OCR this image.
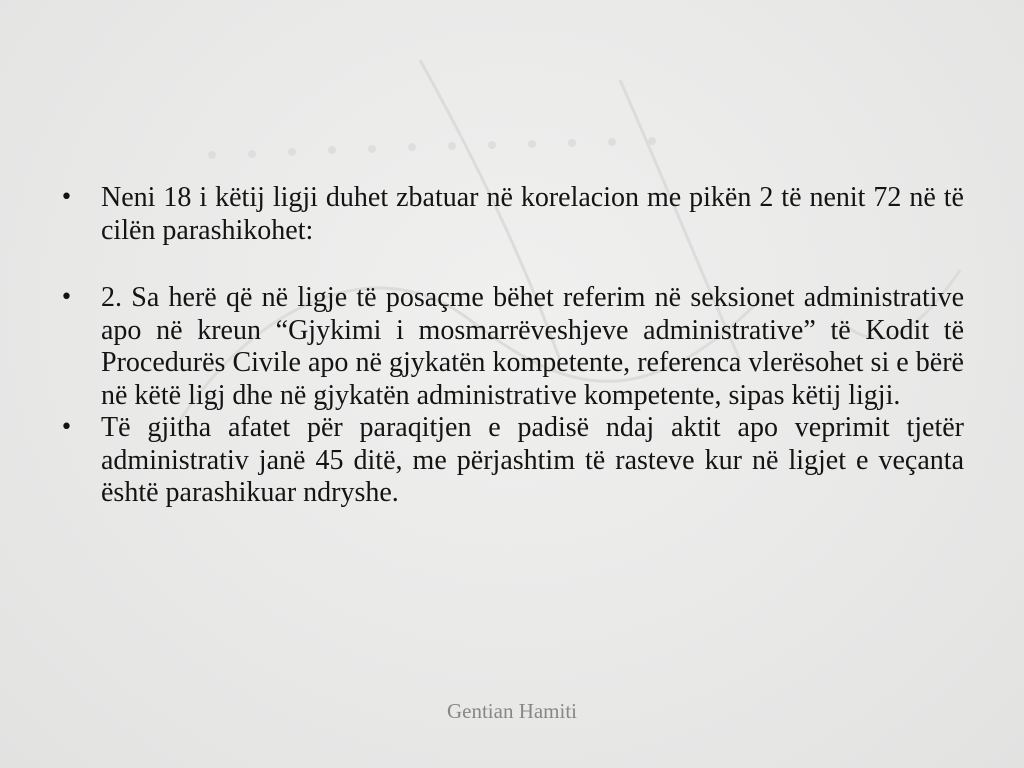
• Neni 18 i këtij ligji duhet zbatuar në korelacion me pikën 2 të nenit 72 në të cilën parashikohet:
• 2. Sa herë që në ligje të posaçme bëhet referim në seksionet administrative apo në kreun “Gjykimi i mosmarrëveshjeve administrative” të Kodit të Procedurës Civile apo në gjykatën kompetente, referenca vlerësohet si e bërë në këtë ligj dhe në gjykatën administrative kompetente, sipas këtij ligji.
• Të gjitha afatet për paraqitjen e padisë ndaj aktit apo veprimit tjetër administrativ janë 45 ditë, me përjashtim të rasteve kur në ligjet e veçanta është parashikuar ndryshe.
Gentian Hamiti
